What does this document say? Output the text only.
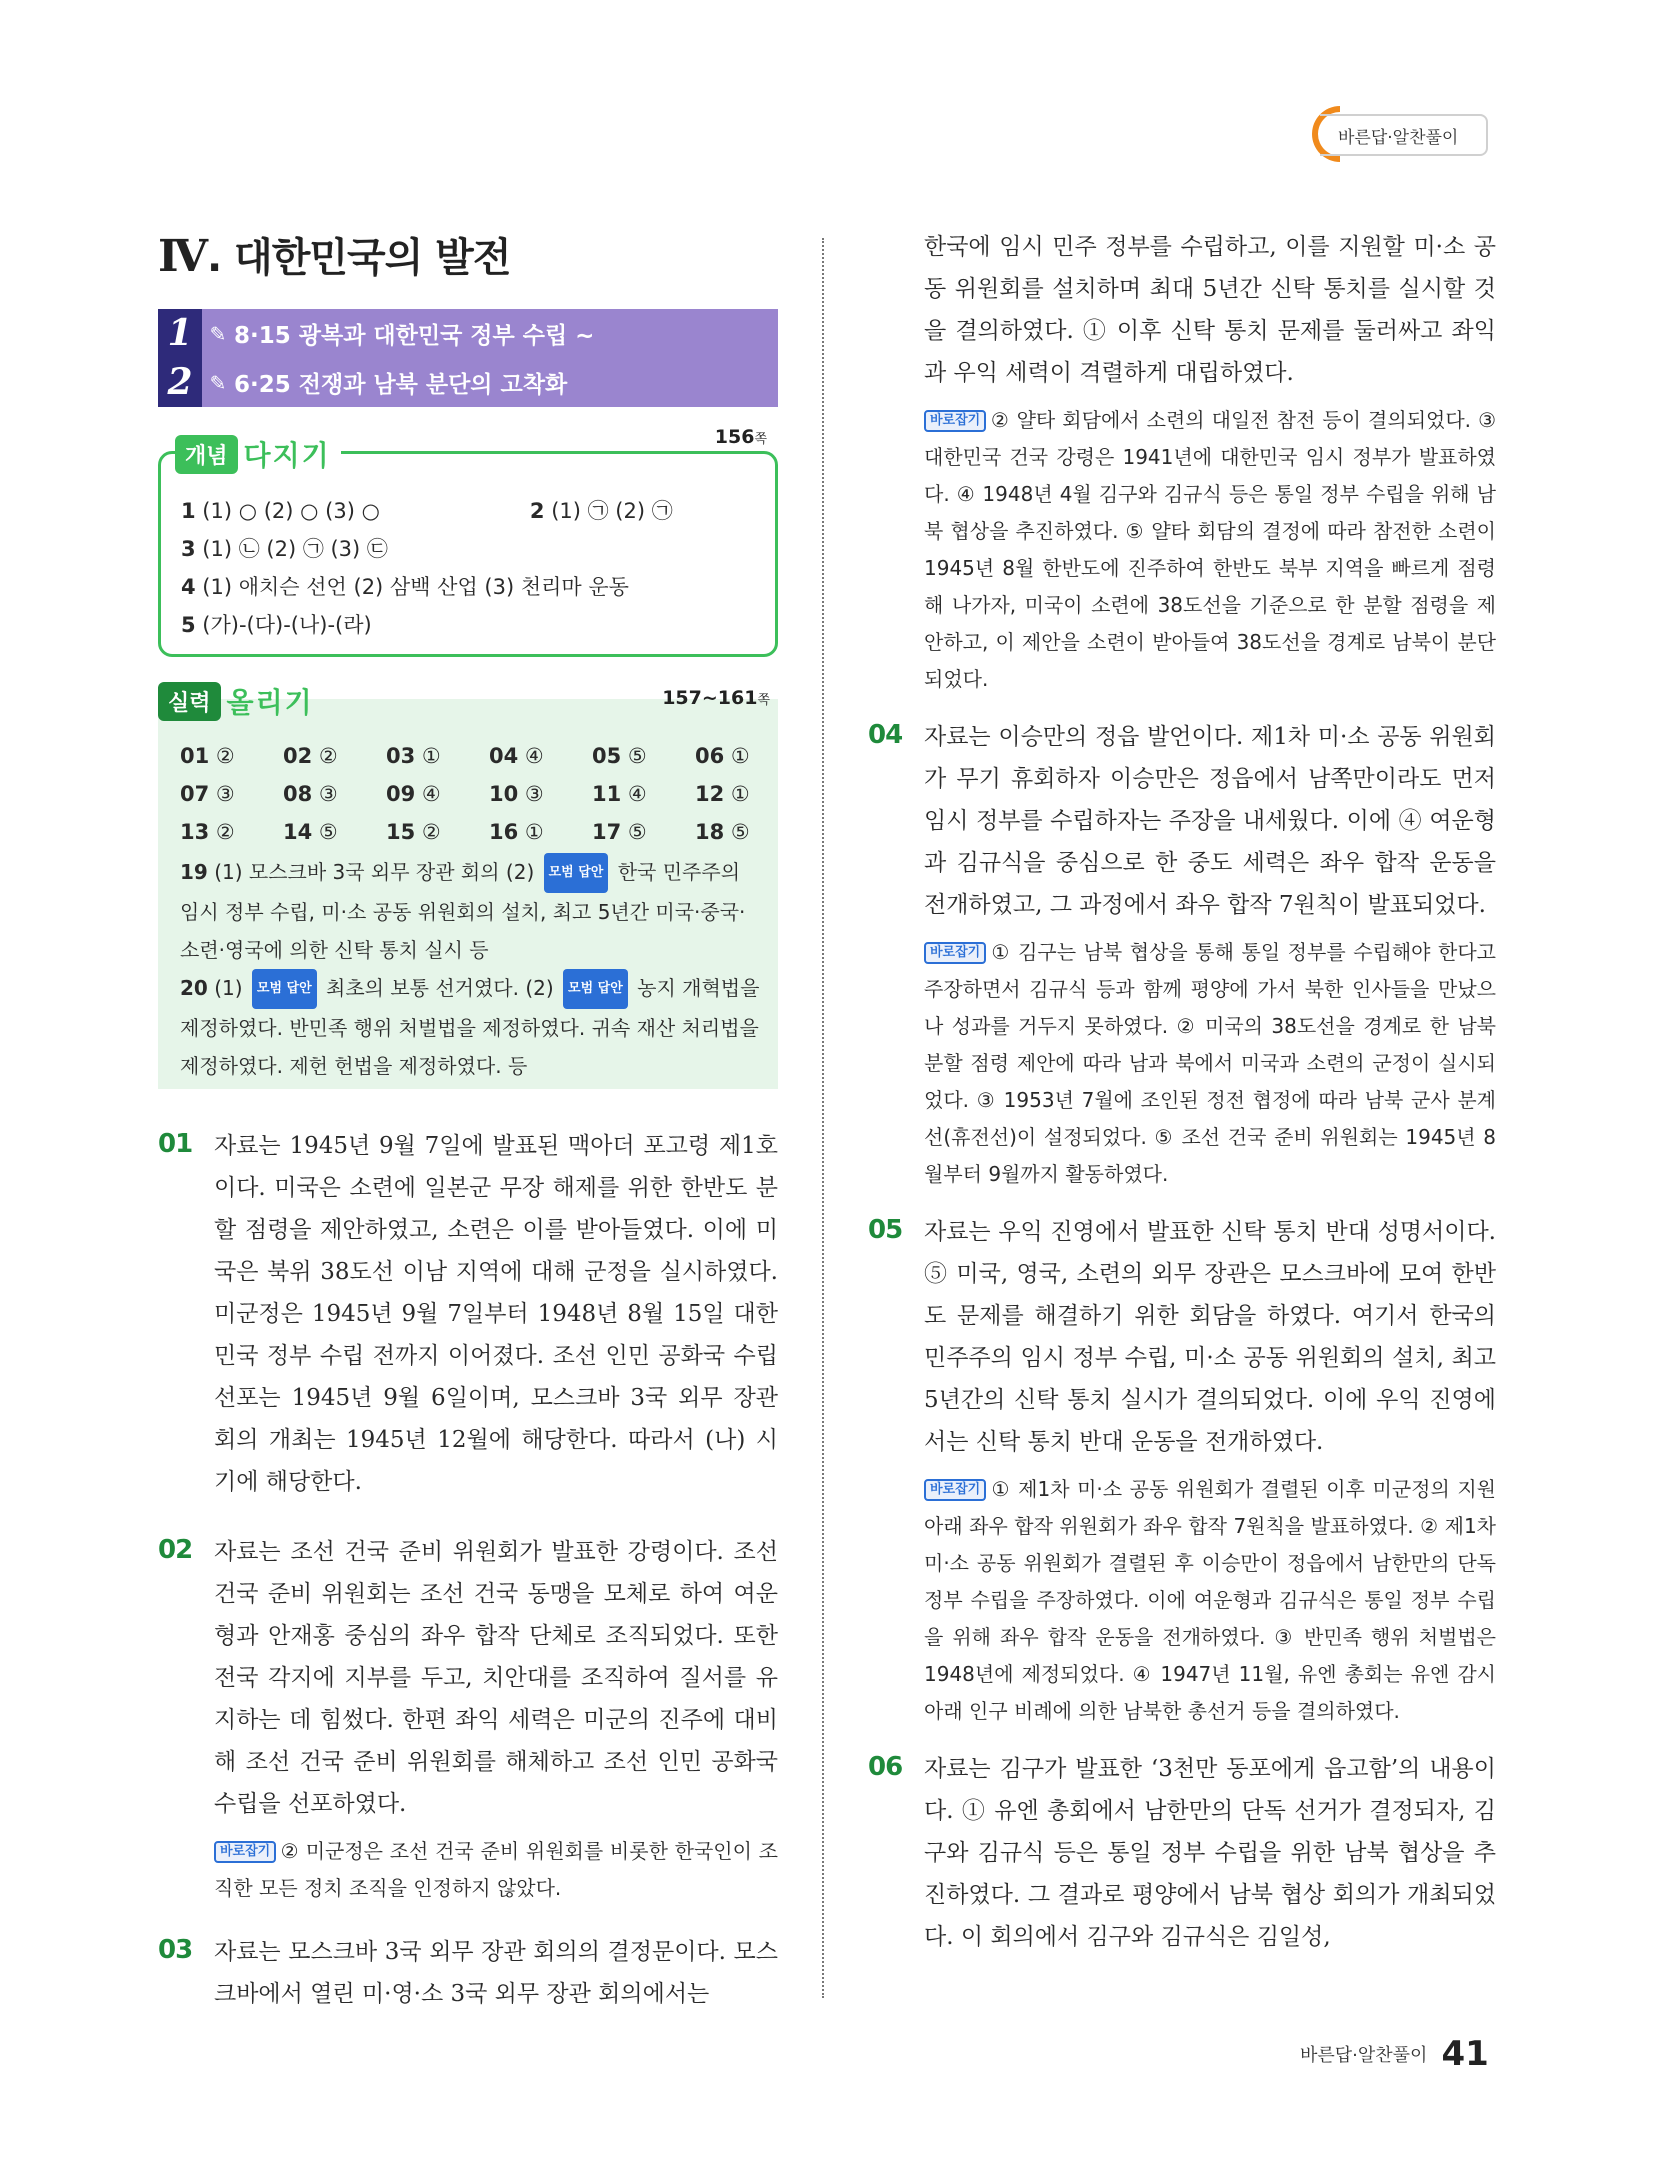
바른답·알찬풀이
Ⅳ. 대한민국의 발전
1 ✎ 8·15 광복과 대한민국 정부 수립 ~
2 ✎ 6·25 전쟁과 남북 분단의 고착화
개념 다지기
156쪽
1 (1) ○ (2) ○ (3) ○	2 (1) ㉠ (2) ㉠
3 (1) ㉡ (2) ㉠ (3) ㉢
4 (1) 애치슨 선언 (2) 삼백 산업 (3) 천리마 운동
5 (가)-(다)-(나)-(라)
실력 올리기	157~161쪽
01 ②	02 ②	03 ①	04 ④	05 ⑤	06 ①
07 ③	08 ③	09 ④	10 ③	11 ④	12 ①
13 ②	14 ⑤	15 ②	16 ①	17 ⑤	18 ⑤
19 (1) 모스크바 3국 외무 장관 회의 (2) 모범 답안 한국 민주주의 임시 정부 수립, 미·소 공동 위원회의 설치, 최고 5년간 미국·중국·소련·영국에 의한 신탁 통치 실시 등
20 (1) 모범 답안 최초의 보통 선거였다. (2) 모범 답안 농지 개혁법을 제정하였다. 반민족 행위 처벌법을 제정하였다. 귀속 재산 처리법을 제정하였다. 제헌 헌법을 제정하였다. 등
01 자료는 1945년 9월 7일에 발표된 맥아더 포고령 제1호이다. 미국은 소련에 일본군 무장 해제를 위한 한반도 분할 점령을 제안하였고, 소련은 이를 받아들였다. 이에 미국은 북위 38도선 이남 지역에 대해 군정을 실시하였다. 미군정은 1945년 9월 7일부터 1948년 8월 15일 대한민국 정부 수립 전까지 이어졌다. 조선 인민 공화국 수립 선포는 1945년 9월 6일이며, 모스크바 3국 외무 장관 회의 개최는 1945년 12월에 해당한다. 따라서 (나) 시기에 해당한다.
02 자료는 조선 건국 준비 위원회가 발표한 강령이다. 조선 건국 준비 위원회는 조선 건국 동맹을 모체로 하여 여운형과 안재홍 중심의 좌우 합작 단체로 조직되었다. 또한 전국 각지에 지부를 두고, 치안대를 조직하여 질서를 유지하는 데 힘썼다. 한편 좌익 세력은 미군의 진주에 대비해 조선 건국 준비 위원회를 해체하고 조선 인민 공화국 수립을 선포하였다.
바로잡기 ② 미군정은 조선 건국 준비 위원회를 비롯한 한국인이 조직한 모든 정치 조직을 인정하지 않았다.
03 자료는 모스크바 3국 외무 장관 회의의 결정문이다. 모스크바에서 열린 미·영·소 3국 외무 장관 회의에서는
한국에 임시 민주 정부를 수립하고, 이를 지원할 미·소 공동 위원회를 설치하며 최대 5년간 신탁 통치를 실시할 것을 결의하였다. ① 이후 신탁 통치 문제를 둘러싸고 좌익과 우익 세력이 격렬하게 대립하였다.
바로잡기 ② 얄타 회담에서 소련의 대일전 참전 등이 결의되었다. ③ 대한민국 건국 강령은 1941년에 대한민국 임시 정부가 발표하였다. ④ 1948년 4월 김구와 김규식 등은 통일 정부 수립을 위해 남북 협상을 추진하였다. ⑤ 얄타 회담의 결정에 따라 참전한 소련이 1945년 8월 한반도에 진주하여 한반도 북부 지역을 빠르게 점령해 나가자, 미국이 소련에 38도선을 기준으로 한 분할 점령을 제안하고, 이 제안을 소련이 받아들여 38도선을 경계로 남북이 분단되었다.
04 자료는 이승만의 정읍 발언이다. 제1차 미·소 공동 위원회가 무기 휴회하자 이승만은 정읍에서 남쪽만이라도 먼저 임시 정부를 수립하자는 주장을 내세웠다. 이에 ④ 여운형과 김규식을 중심으로 한 중도 세력은 좌우 합작 운동을 전개하였고, 그 과정에서 좌우 합작 7원칙이 발표되었다.
바로잡기 ① 김구는 남북 협상을 통해 통일 정부를 수립해야 한다고 주장하면서 김규식 등과 함께 평양에 가서 북한 인사들을 만났으나 성과를 거두지 못하였다. ② 미국의 38도선을 경계로 한 남북 분할 점령 제안에 따라 남과 북에서 미국과 소련의 군정이 실시되었다. ③ 1953년 7월에 조인된 정전 협정에 따라 남북 군사 분계선(휴전선)이 설정되었다. ⑤ 조선 건국 준비 위원회는 1945년 8월부터 9월까지 활동하였다.
05 자료는 우익 진영에서 발표한 신탁 통치 반대 성명서이다. ⑤ 미국, 영국, 소련의 외무 장관은 모스크바에 모여 한반도 문제를 해결하기 위한 회담을 하였다. 여기서 한국의 민주주의 임시 정부 수립, 미·소 공동 위원회의 설치, 최고 5년간의 신탁 통치 실시가 결의되었다. 이에 우익 진영에서는 신탁 통치 반대 운동을 전개하였다.
바로잡기 ① 제1차 미·소 공동 위원회가 결렬된 이후 미군정의 지원 아래 좌우 합작 위원회가 좌우 합작 7원칙을 발표하였다. ② 제1차 미·소 공동 위원회가 결렬된 후 이승만이 정읍에서 남한만의 단독 정부 수립을 주장하였다. 이에 여운형과 김규식은 통일 정부 수립을 위해 좌우 합작 운동을 전개하였다. ③ 반민족 행위 처벌법은 1948년에 제정되었다. ④ 1947년 11월, 유엔 총회는 유엔 감시 아래 인구 비례에 의한 남북한 총선거 등을 결의하였다.
06 자료는 김구가 발표한 ‘3천만 동포에게 읍고함’의 내용이다. ① 유엔 총회에서 남한만의 단독 선거가 결정되자, 김구와 김규식 등은 통일 정부 수립을 위한 남북 협상을 추진하였다. 그 결과로 평양에서 남북 협상 회의가 개최되었다. 이 회의에서 김구와 김규식은 김일성,
바른답·알찬풀이 41
